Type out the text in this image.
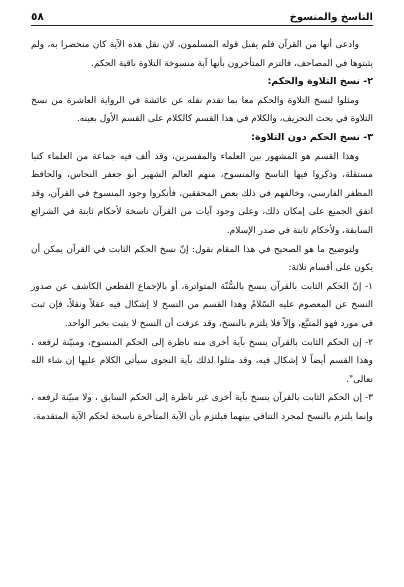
الناسخ والمنسوخ
٥٨

وادعى أنها من القرآن فلم يقبل قوله المسلمون، لان نقل هذه الآية كان منحصرا به، ولم يثبتوها في المصاحف، فالتزم المتأخرون بأنها آية منسوخة التلاوة باقية الحكم.

٢- نسخ التلاوة والحكم:

ومثلوا لنسخ التلاوة والحكم معا بما تقدم نقله عن عائشة في الرواية العاشرة من نسخ التلاوة في بحث التحريف، والكلام في هذا القسم كالكلام على القسم الأول بعينه.

٣- نسخ الحكم دون التلاوة:

وهذا القسم هو المشهور بين العلماء والمفسرين، وقد ألف فيه جماعة من العلماء كتبا مستقلة، وذكروا فيها الناسخ والمنسوخ، منهم العالم الشهير أبو جعفر النحاس، والحافظ المظفر الفارسي، وخالفهم في ذلك بعض المحققين، فأنكروا وجود المنسوخ في القرآن، وقد اتفق الجميع على إمكان ذلك، وعلى وجود آيات من القرآن ناسخة لأحكام ثابتة في الشرائع السابقة، ولأحكام ثابتة في صدر الإسلام.

ولتوضيح ما هو الصحيح في هذا المقام نقول: إنّ نسخ الحكم الثابت في القرآن يمكن أن يكون على أقسام ثلاثة:

١- إنّ الحكم الثابت بالقرآن ينسخ بالسُّنّة المتواترة، أو بالإجماع القطعي الكاشف عن صدور النسخ عن المعصوم عليه السّلامُ وهذا القسم من النسخ لا إشكال فيه عقلاً ونقلاً، فإن ثبت في مورد فهو المتبَّع، وإلاّ فلا يلتزم بالنسخ، وقد عرفت أن النسخ لا يثبت بخبر الواحد.

٢- إن الحكم الثابت بالقرآن ينسخ بآية أخرى منه ناظرة إلى الحكم المنسوخ، ومبيّنة لرفعه ، وهذا القسم أيضاً لا إشكال فيه، وقد مثلوا لذلك بآية النجوى سيأتي الكلام عليها إن شاء الله تعالى".

٣- إن الحكم الثابت بالقرآن ينسخ بآية أخرى غير ناظرة إلى الحكم السابق ، ولا مبيّنة لرفعه ، وإنما يلتزم بالنسخ لمجرد التنافي بينهما فيلتزم بأن الآية المتأخرة ناسخة لحكم الآية المتقدمة.
